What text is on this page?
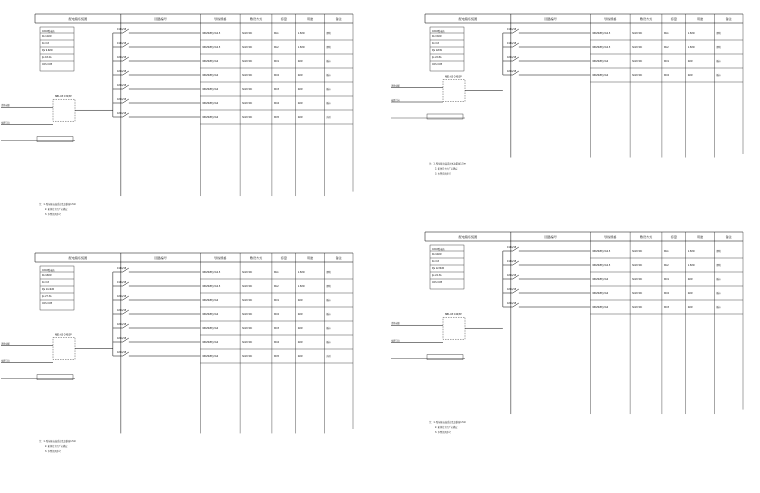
配电箱系统图	回路编号	导线规格	敷设方式	容量	用途	备注
XXXX配电箱
Pe 12kW
Kx 0.8
Pjs 9.6kW
Ijs 18.2A
COS 0.85
进线电缆
电源引自
NB1-63 C32/3P
C16A/1P
WDZN-BYJ-3x2.5	SC20 WC	WL1	1.5kW	照明
C16A/1P
WDZN-BYJ-3x2.5	SC20 WC	WL2	1.5kW	照明
C20A/1P
WDZN-BYJ-3x4	SC20 WC	WX1	2kW	插座
C20A/1P
WDZN-BYJ-3x4	SC20 WC	WX2	2kW	插座
C20A/1P
WDZN-BYJ-3x4	SC20 WC	WX3	2kW	插座
C20A/1P
WDZN-BYJ-3x4	SC20 WC	WX4	2kW	插座
C20A/1P
WDZN-BYJ-3x4	SC20 WC	WX5	2kW	备用
注：1. 配电箱安装高度底边距地1.5m
2. 箱体尺寸由厂家确定
3. 本图仅供参考
配电箱系统图	回路编号	导线规格	敷设方式	容量	用途	备注
XXXX配电箱
Pe 15kW
Kx 0.8
Pjs 12kW
Ijs 22.8A
COS 0.85
进线电缆
电源引自
NB1-63 C40/3P
C16A/1P
WDZN-BYJ-3x2.5	SC20 WC	WL1	1.5kW	照明
C16A/1P
WDZN-BYJ-3x2.5	SC20 WC	WL2	1.5kW	照明
C20A/1P
WDZN-BYJ-3x4	SC20 WC	WX1	2kW	插座
C20A/1P
WDZN-BYJ-3x4	SC20 WC	WX2	2kW	插座
注：1. 配电箱安装高度底边距地1.5m
2. 箱体尺寸由厂家确定
3. 本图仅供参考
配电箱系统图	回路编号	导线规格	敷设方式	容量	用途	备注
XXXX配电箱
Pe 18kW
Kx 0.8
Pjs 14.4kW
Ijs 27.3A
COS 0.85
进线电缆
电源引自
NB1-63 C40/3P
C16A/1P
WDZN-BYJ-3x2.5	SC20 WC	WL1	1.5kW	照明
C16A/1P
WDZN-BYJ-3x2.5	SC20 WC	WL2	1.5kW	照明
C20A/1P
WDZN-BYJ-3x4	SC20 WC	WX1	2kW	插座
C20A/1P
WDZN-BYJ-3x4	SC20 WC	WX2	2kW	插座
C20A/1P
WDZN-BYJ-3x4	SC20 WC	WX3	2kW	插座
C20A/1P
WDZN-BYJ-3x4	SC20 WC	WX4	2kW	插座
C20A/1P
WDZN-BYJ-3x4	SC20 WC	WX5	2kW	备用
注：1. 配电箱安装高度底边距地1.5m
2. 箱体尺寸由厂家确定
3. 本图仅供参考
配电箱系统图	回路编号	导线规格	敷设方式	容量	用途	备注
XXXX配电箱
Pe 16kW
Kx 0.8
Pjs 12.8kW
Ijs 24.3A
COS 0.85
进线电缆
电源引自
NB1-63 C40/3P
C16A/1P
WDZN-BYJ-3x2.5	SC20 WC	WL1	1.5kW	照明
C16A/1P
WDZN-BYJ-3x2.5	SC20 WC	WL2	1.5kW	照明
C20A/1P
WDZN-BYJ-3x4	SC20 WC	WX1	2kW	插座
C20A/1P
WDZN-BYJ-3x4	SC20 WC	WX2	2kW	插座
C20A/1P
WDZN-BYJ-3x4	SC20 WC	WX3	2kW	插座
注：1. 配电箱安装高度底边距地1.5m
2. 箱体尺寸由厂家确定
3. 本图仅供参考
